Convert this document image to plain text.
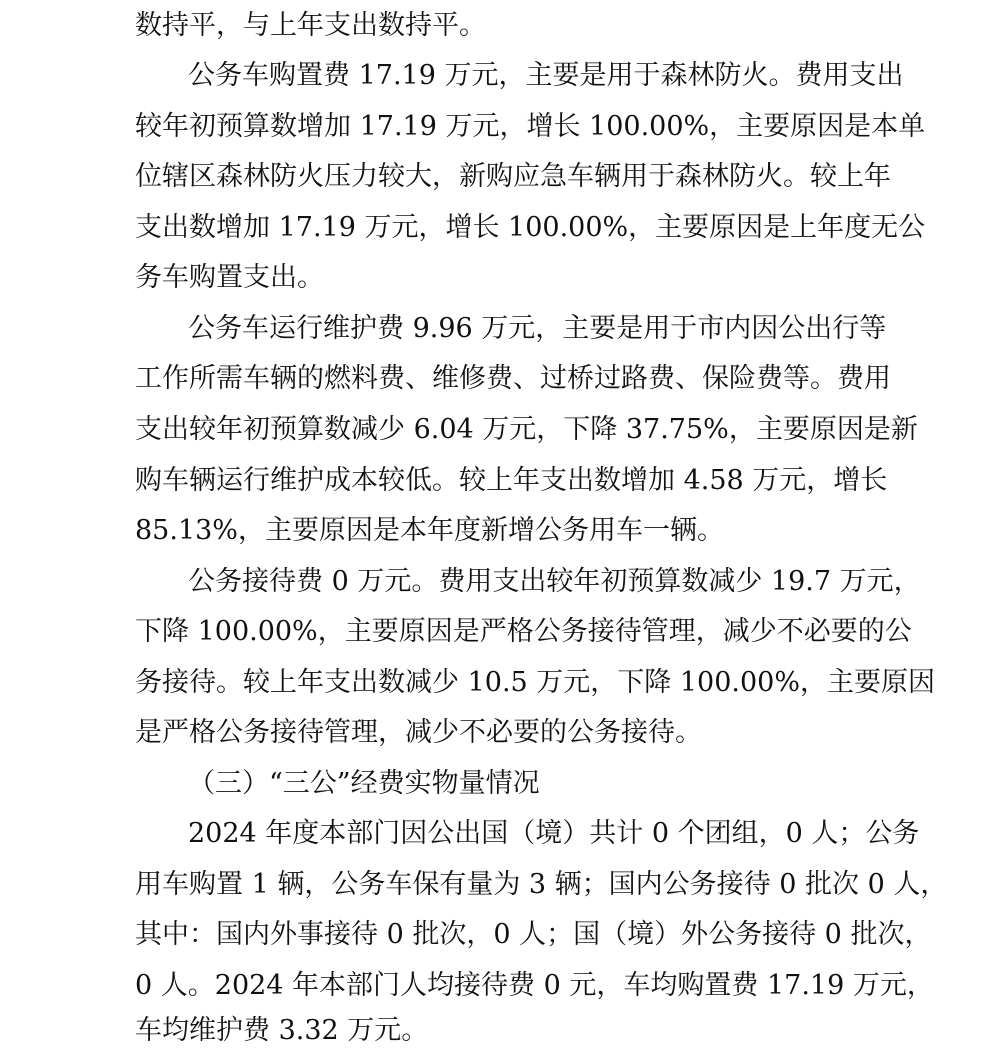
数持平，与上年支出数持平。
公务车购置费 17.19 万元，主要是用于森林防火。费用支出
较年初预算数增加 17.19 万元，增长 100.00%，主要原因是本单
位辖区森林防火压力较大，新购应急车辆用于森林防火。较上年
支出数增加 17.19 万元，增长 100.00%，主要原因是上年度无公
务车购置支出。
公务车运行维护费 9.96 万元，主要是用于市内因公出行等
工作所需车辆的燃料费、维修费、过桥过路费、保险费等。费用
支出较年初预算数减少 6.04 万元，下降 37.75%，主要原因是新
购车辆运行维护成本较低。较上年支出数增加 4.58 万元，增长
85.13%，主要原因是本年度新增公务用车一辆。
公务接待费 0 万元。费用支出较年初预算数减少 19.7 万元，
下降 100.00%，主要原因是严格公务接待管理，减少不必要的公
务接待。较上年支出数减少 10.5 万元，下降 100.00%，主要原因
是严格公务接待管理，减少不必要的公务接待。
（三）“三公”经费实物量情况
2024 年度本部门因公出国（境）共计 0 个团组，0 人；公务
用车购置 1 辆，公务车保有量为 3 辆；国内公务接待 0 批次 0 人，
其中：国内外事接待 0 批次，0 人；国（境）外公务接待 0 批次，
0 人。2024 年本部门人均接待费 0 元，车均购置费 17.19 万元，
车均维护费 3.32 万元。
